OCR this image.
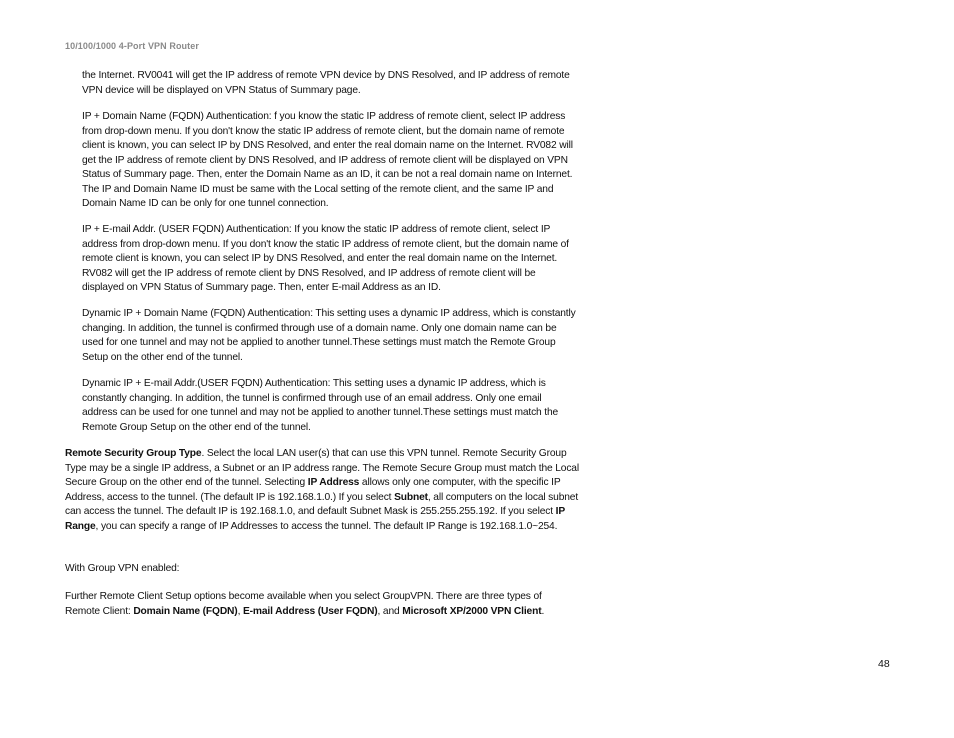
10/100/1000 4-Port VPN Router

the Internet. RV0041 will get the IP address of remote VPN device by DNS Resolved, and IP address of remote VPN device will be displayed on VPN Status of Summary page.

IP + Domain Name (FQDN) Authentication: f you know the static IP address of remote client, select IP address from drop-down menu. If you don't know the static IP address of remote client, but the domain name of remote client is known, you can select IP by DNS Resolved, and enter the real domain name on the Internet. RV082 will get the IP address of remote client by DNS Resolved, and IP address of remote client will be displayed on VPN Status of Summary page. Then, enter the Domain Name as an ID, it can be not a real domain name on Internet. The IP and Domain Name ID must be same with the Local setting of the remote client, and the same IP and Domain Name ID can be only for one tunnel connection.

IP + E-mail Addr. (USER FQDN) Authentication: If you know the static IP address of remote client, select IP address from drop-down menu. If you don't know the static IP address of remote client, but the domain name of remote client is known, you can select IP by DNS Resolved, and enter the real domain name on the Internet. RV082 will get the IP address of remote client by DNS Resolved, and IP address of remote client will be displayed on VPN Status of Summary page. Then, enter E-mail Address as an ID.

Dynamic IP + Domain Name (FQDN) Authentication: This setting uses a dynamic IP address, which is constantly changing. In addition, the tunnel is confirmed through use of a domain name. Only one domain name can be used for one tunnel and may not be applied to another tunnel.These settings must match the Remote Group Setup on the other end of the tunnel.

Dynamic IP + E-mail Addr.(USER FQDN) Authentication: This setting uses a dynamic IP address, which is constantly changing. In addition, the tunnel is confirmed through use of an email address. Only one email address can be used for one tunnel and may not be applied to another tunnel.These settings must match the Remote Group Setup on the other end of the tunnel.

Remote Security Group Type. Select the local LAN user(s) that can use this VPN tunnel. Remote Security Group Type may be a single IP address, a Subnet or an IP address range. The Remote Secure Group must match the Local Secure Group on the other end of the tunnel. Selecting IP Address allows only one computer, with the specific IP Address, access to the tunnel. (The default IP is 192.168.1.0.) If you select Subnet, all computers on the local subnet can access the tunnel. The default IP is 192.168.1.0, and default Subnet Mask is 255.255.255.192. If you select IP Range, you can specify a range of IP Addresses to access the tunnel. The default IP Range is 192.168.1.0~254.

With Group VPN enabled:

Further Remote Client Setup options become available when you select GroupVPN. There are three types of Remote Client: Domain Name (FQDN), E-mail Address (User FQDN), and Microsoft XP/2000 VPN Client.

48
